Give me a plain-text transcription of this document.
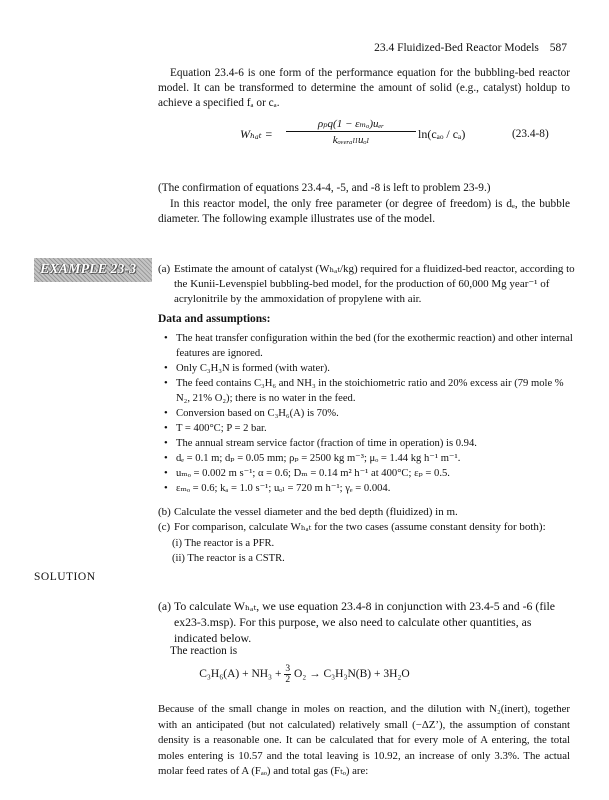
23.4 Fluidized-Bed Reactor Models 587

Equation 23.4-6 is one form of the performance equation for the bubbling-bed reactor model. It can be transformed to determine the amount of solid (e.g., catalyst) holdup to achieve a specified fₐ or cₐ.

Wₕₐₜ =
ρₚq(1 − εₘₒ)uₑᵣ
kₒᵥₑᵣₐₗₗuₒₗ	ln(cₐₒ / cₐ)	(23.4-8)

(The confirmation of equations 23.4-4, -5, and -8 is left to problem 23-9.)

In this reactor model, the only free parameter (or degree of freedom) is dₑ, the bubble diameter. The following example illustrates use of the model.

EXAMPLE 23-3	(a) Estimate the amount of catalyst (Wₕₐₜ/kg) required for a fluidized-bed reactor, according to the Kunii-Levenspiel bubbling-bed model, for the production of 60,000 Mg year⁻¹ of acrylonitrile by the ammoxidation of propylene with air.
Data and assumptions:
• The heat transfer configuration within the bed (for the exothermic reaction) and other internal features are ignored.
• Only C₃H₃N is formed (with water).
• The feed contains C₃H₆ and NH₃ in the stoichiometric ratio and 20% excess air (79 mole % N₂, 21% O₂); there is no water in the feed.
• Conversion based on C₃H₆(A) is 70%.
• T = 400°C; P = 2 bar.
• The annual stream service factor (fraction of time in operation) is 0.94.
• dₑ = 0.1 m; dₚ = 0.05 mm; ρₚ = 2500 kg m⁻³; μₒ = 1.44 kg h⁻¹ m⁻¹.
• uₘₒ = 0.002 m s⁻¹; α = 0.6; Dₘ = 0.14 m² h⁻¹ at 400°C; εₚ = 0.5.
• εₘₒ = 0.6; kₐ = 1.0 s⁻¹; uₒₗ = 720 m h⁻¹; γₑ = 0.004.
(b) Calculate the vessel diameter and the bed depth (fluidized) in m.
(c) For comparison, calculate Wₕₐₜ for the two cases (assume constant density for both):
(i) The reactor is a PFR.
(ii) The reactor is a CSTR.
SOLUTION
(a) To calculate Wₕₐₜ, we use equation 23.4-8 in conjunction with 23.4-5 and -6 (file ex23-3.msp). For this purpose, we also need to calculate other quantities, as indicated below.

The reaction is

$C_3H_6(A) + NH_3 + \frac{3}{2} O_2 \to C_3H_3N(B) + 3H_2O$

Because of the small change in moles on reaction, and the dilution with N₂(inert), together with an anticipated (but not calculated) relatively small (−ΔZ’), the assumption of constant density is a reasonable one. It can be calculated that for every mole of A entering, the total moles entering is 10.57 and the total leaving is 10.92, an increase of only 3.3%. The actual molar feed rates of A (Fₐₒ) and total gas (Fₜₒ) are:
